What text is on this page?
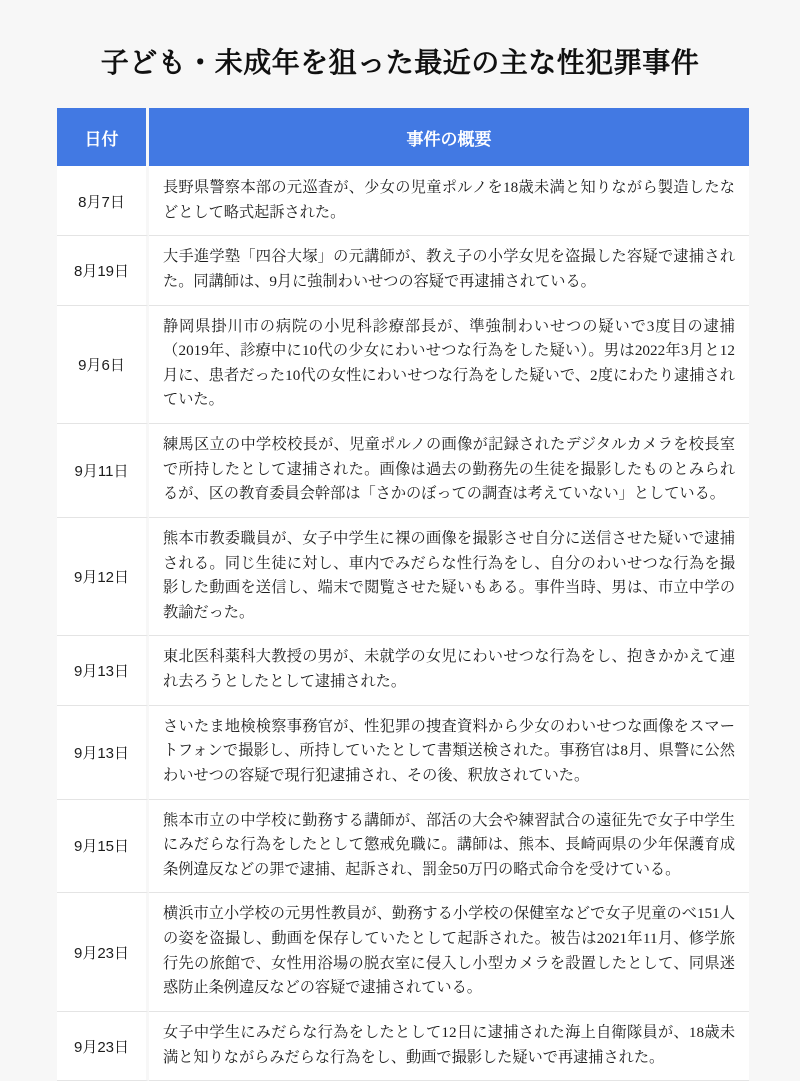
子ども・未成年を狙った最近の主な性犯罪事件
日付	事件の概要
8月7日	長野県警察本部の元巡査が、少女の児童ポルノを18歳未満と知りながら製造したなどとして略式起訴された。

8月19日	大手進学塾「四谷大塚」の元講師が、教え子の小学女児を盗撮した容疑で逮捕された。同講師は、9月に強制わいせつの容疑で再逮捕されている。

9月6日	静岡県掛川市の病院の小児科診療部長が、準強制わいせつの疑いで3度目の逮捕（2019年、診療中に10代の少女にわいせつな行為をした疑い）。男は2022年3月と12月に、患者だった10代の女性にわいせつな行為をした疑いで、2度にわたり逮捕されていた。

9月11日	練馬区立の中学校校長が、児童ポルノの画像が記録されたデジタルカメラを校長室で所持したとして逮捕された。画像は過去の勤務先の生徒を撮影したものとみられるが、区の教育委員会幹部は「さかのぼっての調査は考えていない」としている。

9月12日	熊本市教委職員が、女子中学生に裸の画像を撮影させ自分に送信させた疑いで逮捕される。同じ生徒に対し、車内でみだらな性行為をし、自分のわいせつな行為を撮影した動画を送信し、端末で閲覧させた疑いもある。事件当時、男は、市立中学の教諭だった。

9月13日	東北医科薬科大教授の男が、未就学の女児にわいせつな行為をし、抱きかかえて連れ去ろうとしたとして逮捕された。

9月13日	さいたま地検検察事務官が、性犯罪の捜査資料から少女のわいせつな画像をスマートフォンで撮影し、所持していたとして書類送検された。事務官は8月、県警に公然わいせつの容疑で現行犯逮捕され、その後、釈放されていた。

9月15日	熊本市立の中学校に勤務する講師が、部活の大会や練習試合の遠征先で女子中学生にみだらな行為をしたとして懲戒免職に。講師は、熊本、長崎両県の少年保護育成条例違反などの罪で逮捕、起訴され、罰金50万円の略式命令を受けている。

9月23日	横浜市立小学校の元男性教員が、勤務する小学校の保健室などで女子児童のべ151人の姿を盗撮し、動画を保存していたとして起訴された。被告は2021年11月、修学旅行先の旅館で、女性用浴場の脱衣室に侵入し小型カメラを設置したとして、同県迷惑防止条例違反などの容疑で逮捕されている。

9月23日	女子中学生にみだらな行為をしたとして12日に逮捕された海上自衛隊員が、18歳未満と知りながらみだらな行為をし、動画で撮影した疑いで再逮捕された。
